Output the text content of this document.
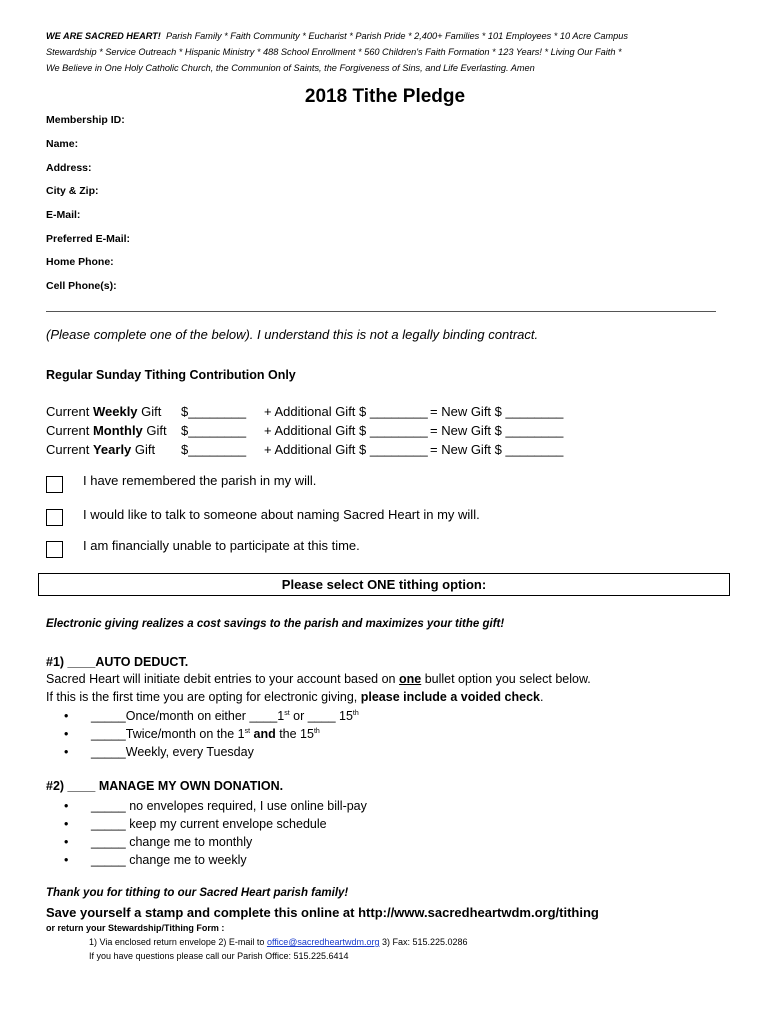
WE ARE SACRED HEART! Parish Family * Faith Community * Eucharist * Parish Pride * 2,400+ Families * 101 Employees * 10 Acre Campus
Stewardship * Service Outreach * Hispanic Ministry * 488 School Enrollment * 560 Children's Faith Formation * 123 Years! * Living Our Faith *
We Believe in One Holy Catholic Church, the Communion of Saints, the Forgiveness of Sins, and Life Everlasting. Amen
2018 Tithe Pledge
Membership ID:
Name:
Address:
City & Zip:
E-Mail:
Preferred E-Mail:
Home Phone:
Cell Phone(s):
(Please complete one of the below). I understand this is not a legally binding contract.
Regular Sunday Tithing Contribution Only
Current Weekly Gift $________ + Additional Gift $ ________ = New Gift $ ________
Current Monthly Gift $________ + Additional Gift $ ________ = New Gift $ ________
Current Yearly Gift $________ + Additional Gift $ ________ = New Gift $ ________
I have remembered the parish in my will.
I would like to talk to someone about naming Sacred Heart in my will.
I am financially unable to participate at this time.
Please select ONE tithing option:
Electronic giving realizes a cost savings to the parish and maximizes your tithe gift!
#1) ____AUTO DEDUCT.
Sacred Heart will initiate debit entries to your account based on one bullet option you select below.
If this is the first time you are opting for electronic giving, please include a voided check.
• _____Once/month on either ____1st or ____ 15th
• _____Twice/month on the 1st and the 15th
• _____Weekly, every Tuesday
#2) ____ MANAGE MY OWN DONATION.
• _____ no envelopes required, I use online bill-pay
• _____ keep my current envelope schedule
• _____ change me to monthly
• _____ change me to weekly
Thank you for tithing to our Sacred Heart parish family!
Save yourself a stamp and complete this online at http://www.sacredheartwdm.org/tithing
or return your Stewardship/Tithing Form :
1) Via enclosed return envelope 2) E-mail to office@sacredheartwdm.org 3) Fax: 515.225.0286
If you have questions please call our Parish Office: 515.225.6414
